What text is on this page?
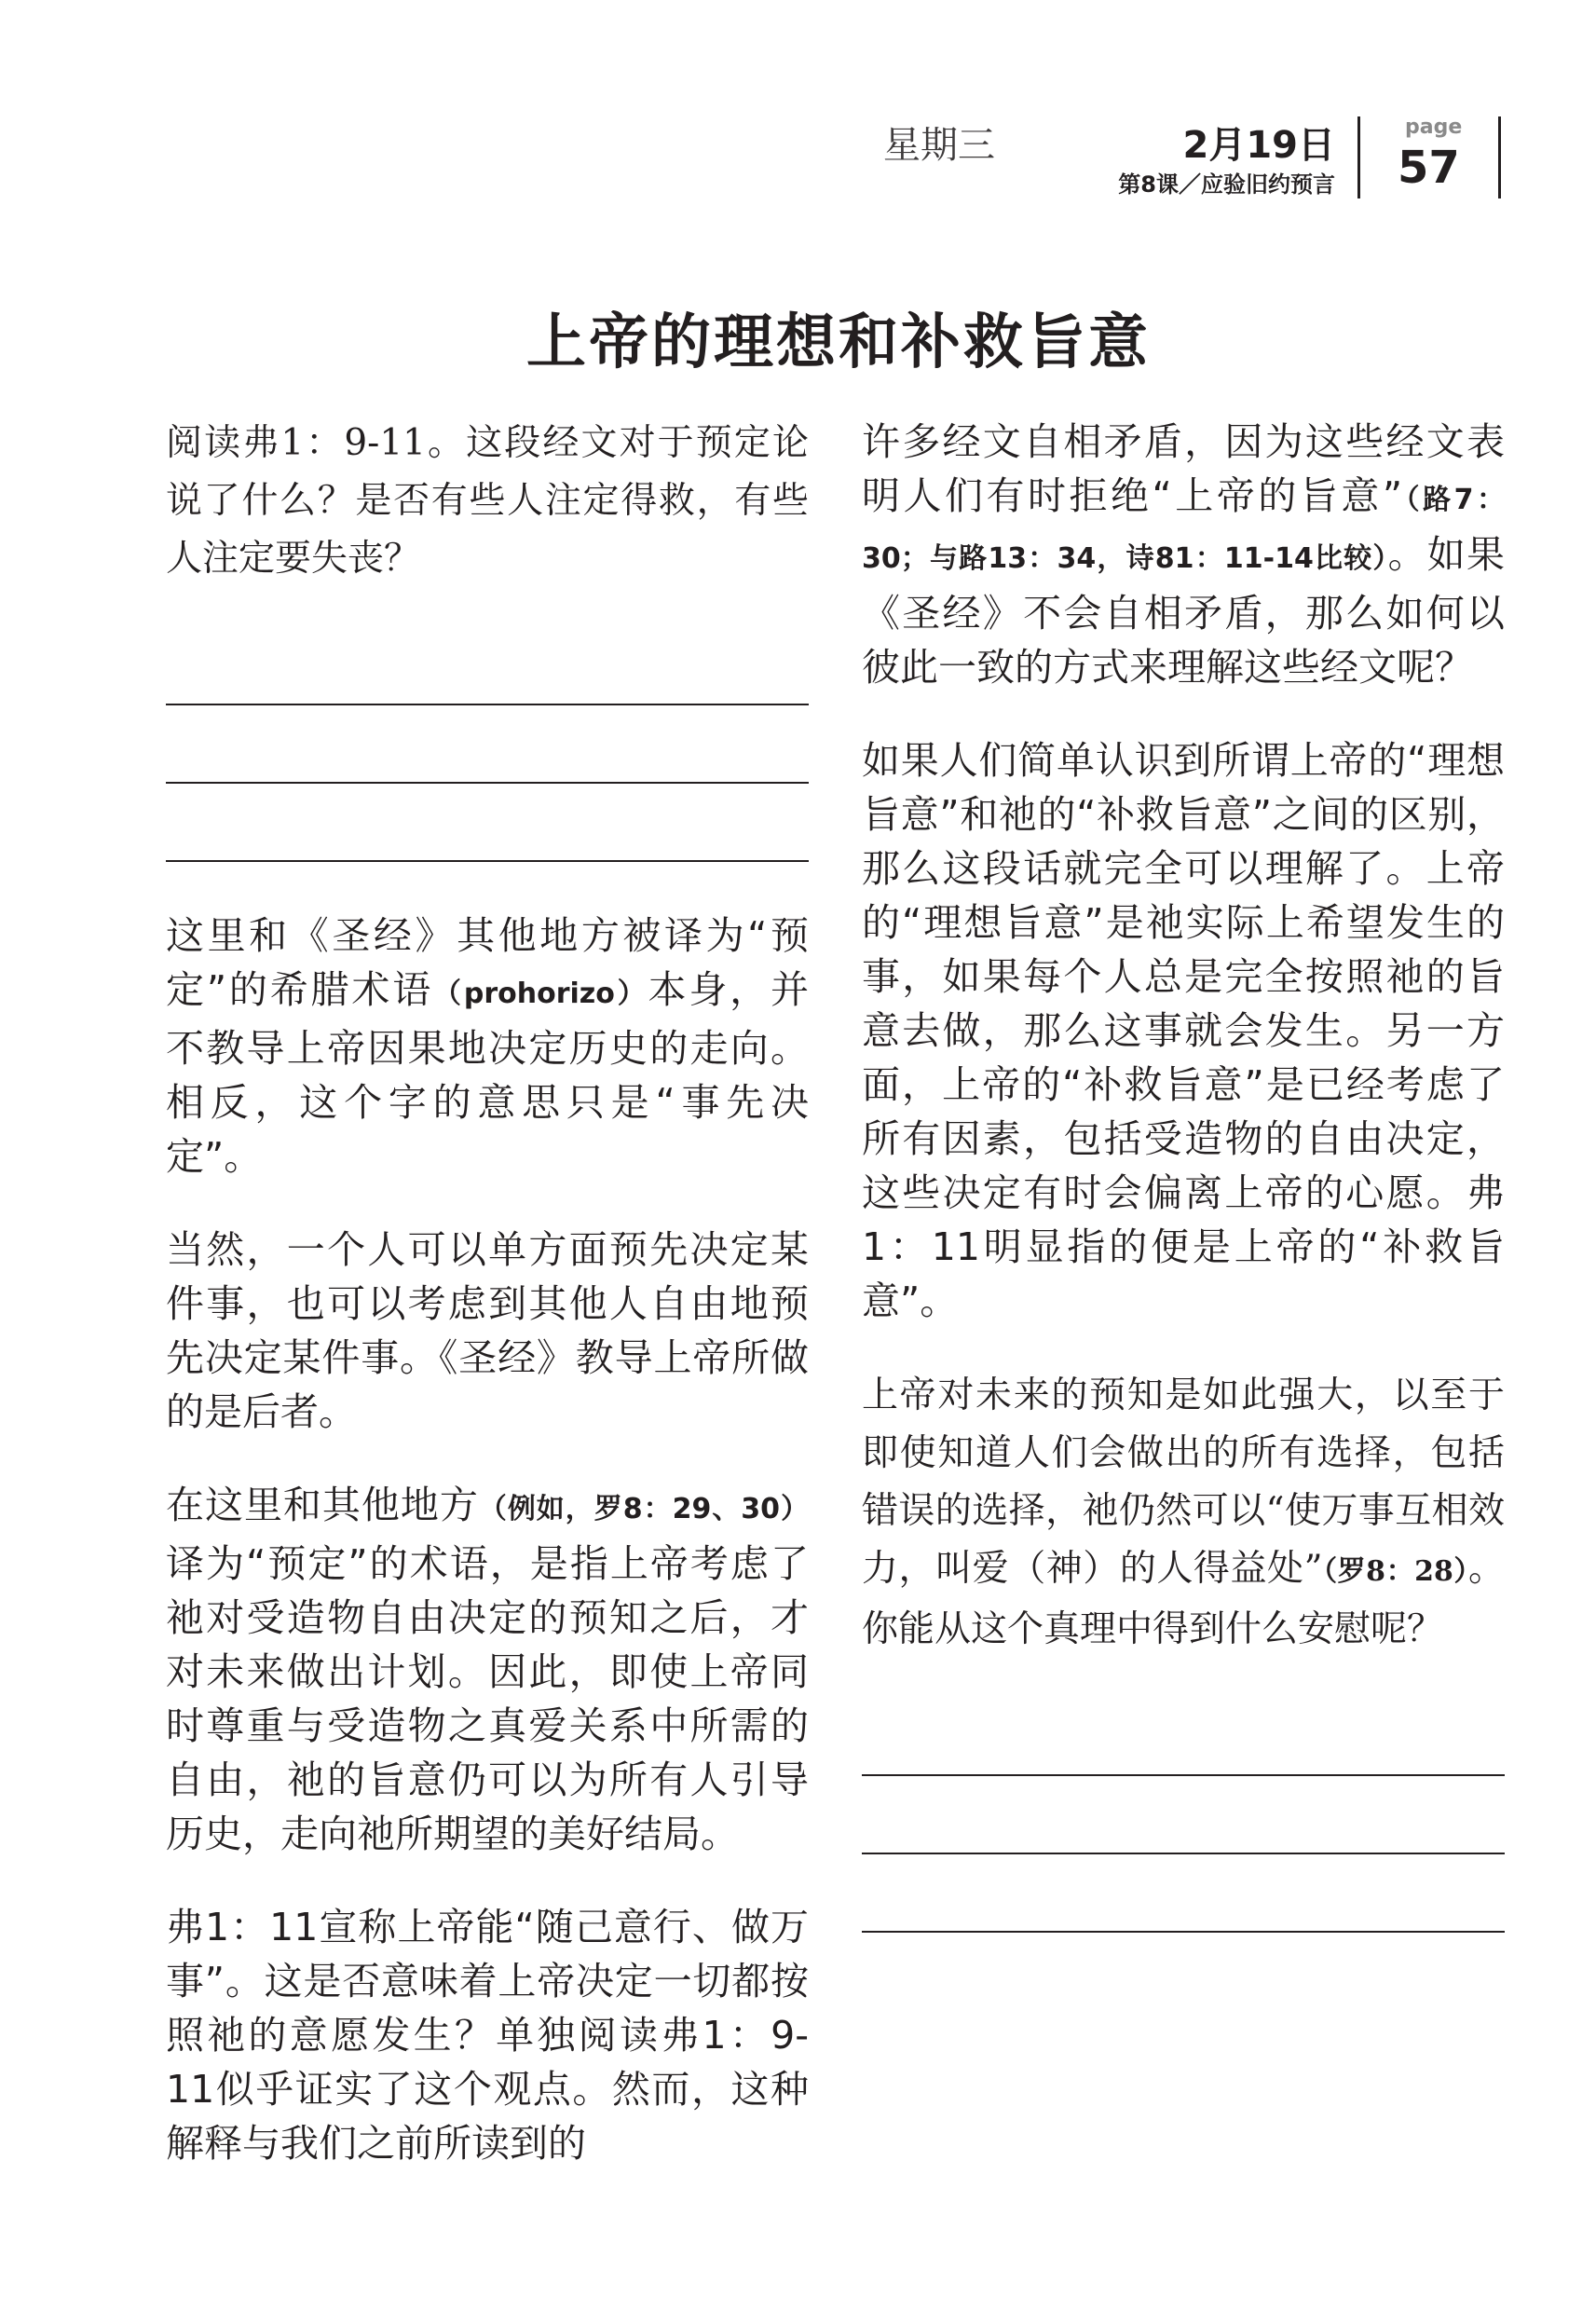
星期三	2月19日
第8课／应验旧约预言
page
57
上帝的理想和补救旨意

阅读弗1：9-11。这段经文对于预定论说了什么？是否有些人注定得救，有些人注定要失丧？

这里和《圣经》其他地方被译为“预定”的希腊术语（prohorizo）本身，并不教导上帝因果地决定历史的走向。相反，这个字的意思只是“事先决定”。

当然，一个人可以单方面预先决定某件事，也可以考虑到其他人自由地预先决定某件事。《圣经》教导上帝所做的是后者。

在这里和其他地方（例如，罗8：29、30）译为“预定”的术语，是指上帝考虑了祂对受造物自由决定的预知之后，才对未来做出计划。因此，即使上帝同时尊重与受造物之真爱关系中所需的自由，祂的旨意仍可以为所有人引导历史，走向祂所期望的美好结局。

弗1：11宣称上帝能“随己意行、做万事”。这是否意味着上帝决定一切都按照祂的意愿发生？单独阅读弗1：9-11似乎证实了这个观点。然而，这种解释与我们之前所读到的

许多经文自相矛盾，因为这些经文表明人们有时拒绝“上帝的旨意”（路7：30；与路13：34，诗81：11-14比较）。如果《圣经》不会自相矛盾，那么如何以彼此一致的方式来理解这些经文呢？

如果人们简单认识到所谓上帝的“理想旨意”和祂的“补救旨意”之间的区别，那么这段话就完全可以理解了。上帝的“理想旨意”是祂实际上希望发生的事，如果每个人总是完全按照祂的旨意去做，那么这事就会发生。另一方面，上帝的“补救旨意”是已经考虑了所有因素，包括受造物的自由决定，这些决定有时会偏离上帝的心愿。弗1：11明显指的便是上帝的“补救旨意”。

上帝对未来的预知是如此强大，以至于即使知道人们会做出的所有选择，包括错误的选择，祂仍然可以“使万事互相效力，叫爱（神）的人得益处”（罗8：28）。你能从这个真理中得到什么安慰呢？
